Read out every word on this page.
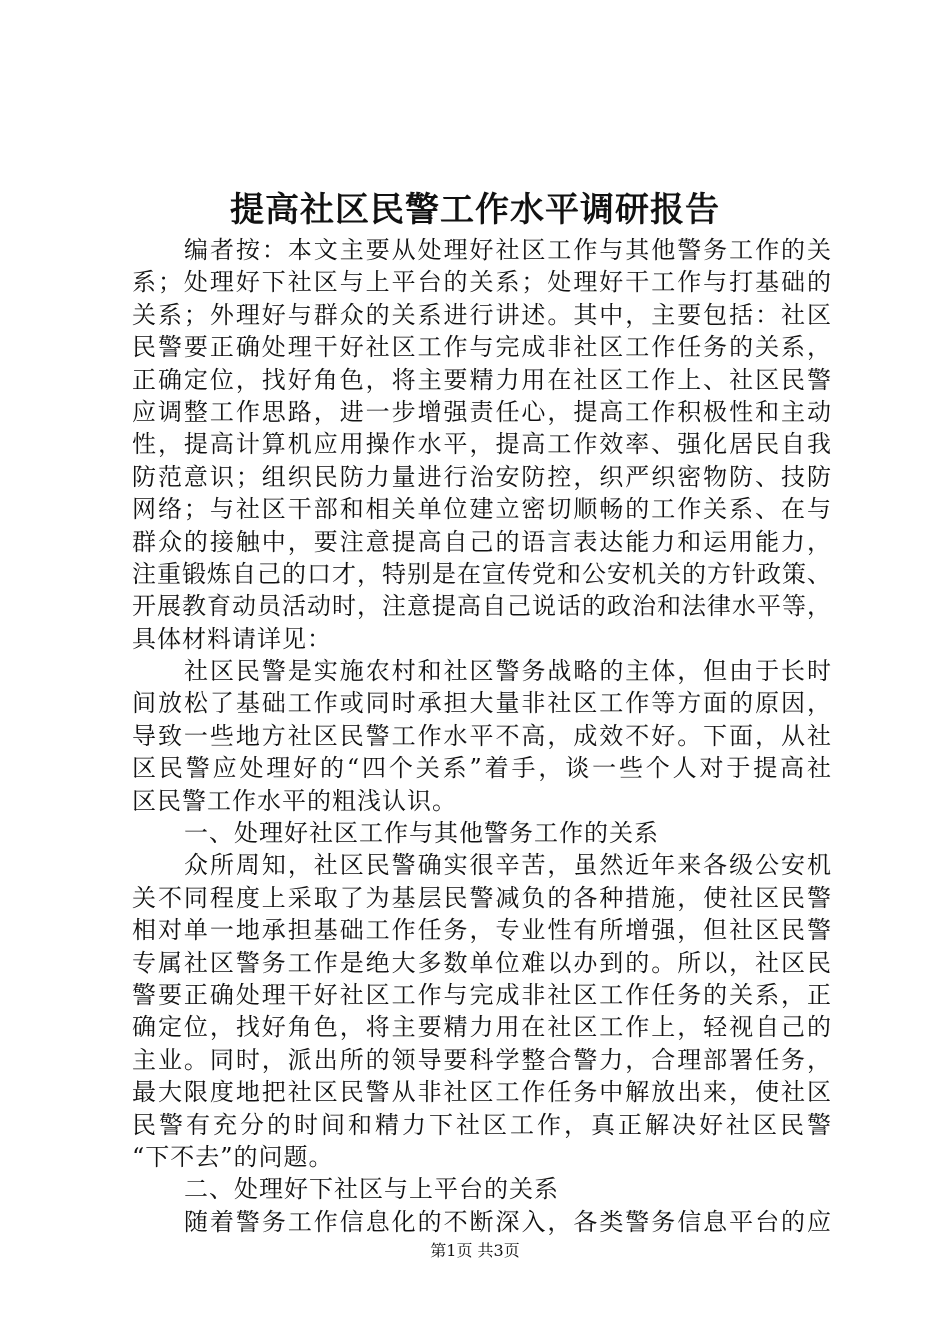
提高社区民警工作水平调研报告
编者按：本文主要从处理好社区工作与其他警务工作的关
系；处理好下社区与上平台的关系；处理好干工作与打基础的
关系；外理好与群众的关系进行讲述。其中，主要包括：社区
民警要正确处理干好社区工作与完成非社区工作任务的关系，
正确定位，找好角色，将主要精力用在社区工作上、社区民警
应调整工作思路，进一步增强责任心，提高工作积极性和主动
性，提高计算机应用操作水平，提高工作效率、强化居民自我
防范意识；组织民防力量进行治安防控，织严织密物防、技防
网络；与社区干部和相关单位建立密切顺畅的工作关系、在与
群众的接触中，要注意提高自己的语言表达能力和运用能力，
注重锻炼自己的口才，特别是在宣传党和公安机关的方针政策、
开展教育动员活动时，注意提高自己说话的政治和法律水平等，
具体材料请详见：
社区民警是实施农村和社区警务战略的主体，但由于长时
间放松了基础工作或同时承担大量非社区工作等方面的原因，
导致一些地方社区民警工作水平不高，成效不好。下面，从社
区民警应处理好的“四个关系”着手，谈一些个人对于提高社
区民警工作水平的粗浅认识。
一、处理好社区工作与其他警务工作的关系
众所周知，社区民警确实很辛苦，虽然近年来各级公安机
关不同程度上采取了为基层民警减负的各种措施，使社区民警
相对单一地承担基础工作任务，专业性有所增强，但社区民警
专属社区警务工作是绝大多数单位难以办到的。所以，社区民
警要正确处理干好社区工作与完成非社区工作任务的关系，正
确定位，找好角色，将主要精力用在社区工作上，轻视自己的
主业。同时，派出所的领导要科学整合警力，合理部署任务，
最大限度地把社区民警从非社区工作任务中解放出来，使社区
民警有充分的时间和精力下社区工作，真正解决好社区民警
“下不去”的问题。
二、处理好下社区与上平台的关系
随着警务工作信息化的不断深入，各类警务信息平台的应
第1页 共3页
